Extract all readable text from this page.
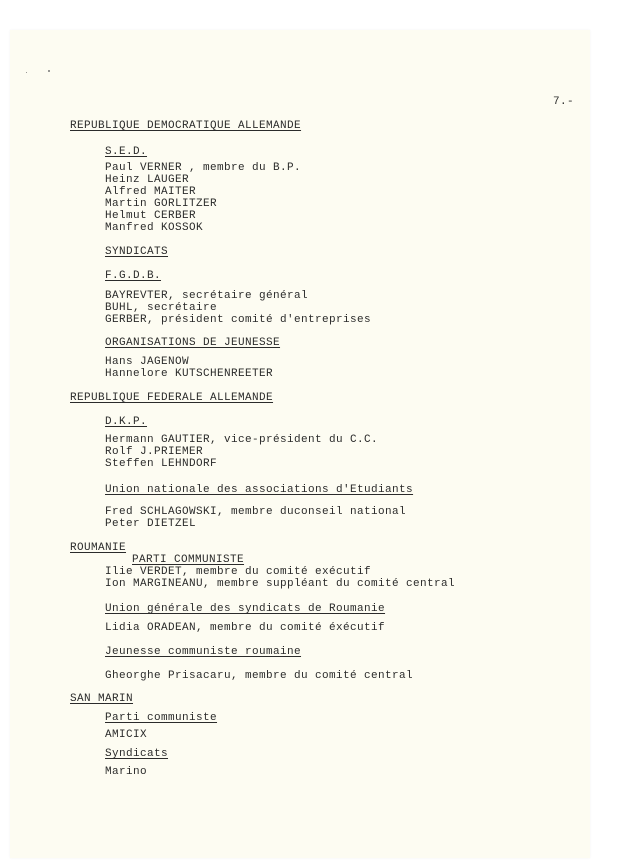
7.-
REPUBLIQUE DEMOCRATIQUE ALLEMANDE
S.E.D.
Paul VERNER , membre du B.P.
Heinz LAUGER
Alfred MAITER
Martin GORLITZER
Helmut CERBER
Manfred KOSSOK
SYNDICATS
F.G.D.B.
BAYREVTER, secrétaire général
BUHL, secrétaire
GERBER, président comité d'entreprises
ORGANISATIONS DE JEUNESSE
Hans JAGENOW
Hannelore KUTSCHENREETER
REPUBLIQUE FEDERALE ALLEMANDE
D.K.P.
Hermann GAUTIER, vice-président du C.C.
Rolf J.PRIEMER
Steffen LEHNDORF
Union nationale des associations d'Etudiants
Fred SCHLAGOWSKI, membre duconseil national
Peter DIETZEL
ROUMANIE
PARTI COMMUNISTE
Ilie VERDET, membre du comité exécutif
Ion MARGINEANU, membre suppléant du comité central
Union générale des syndicats de Roumanie
Lidia ORADEAN, membre du comité éxécutif
Jeunesse communiste roumaine
Gheorghe Prisacaru, membre du comité central
SAN MARIN
Parti communiste
AMICIX
Syndicats
Marino
